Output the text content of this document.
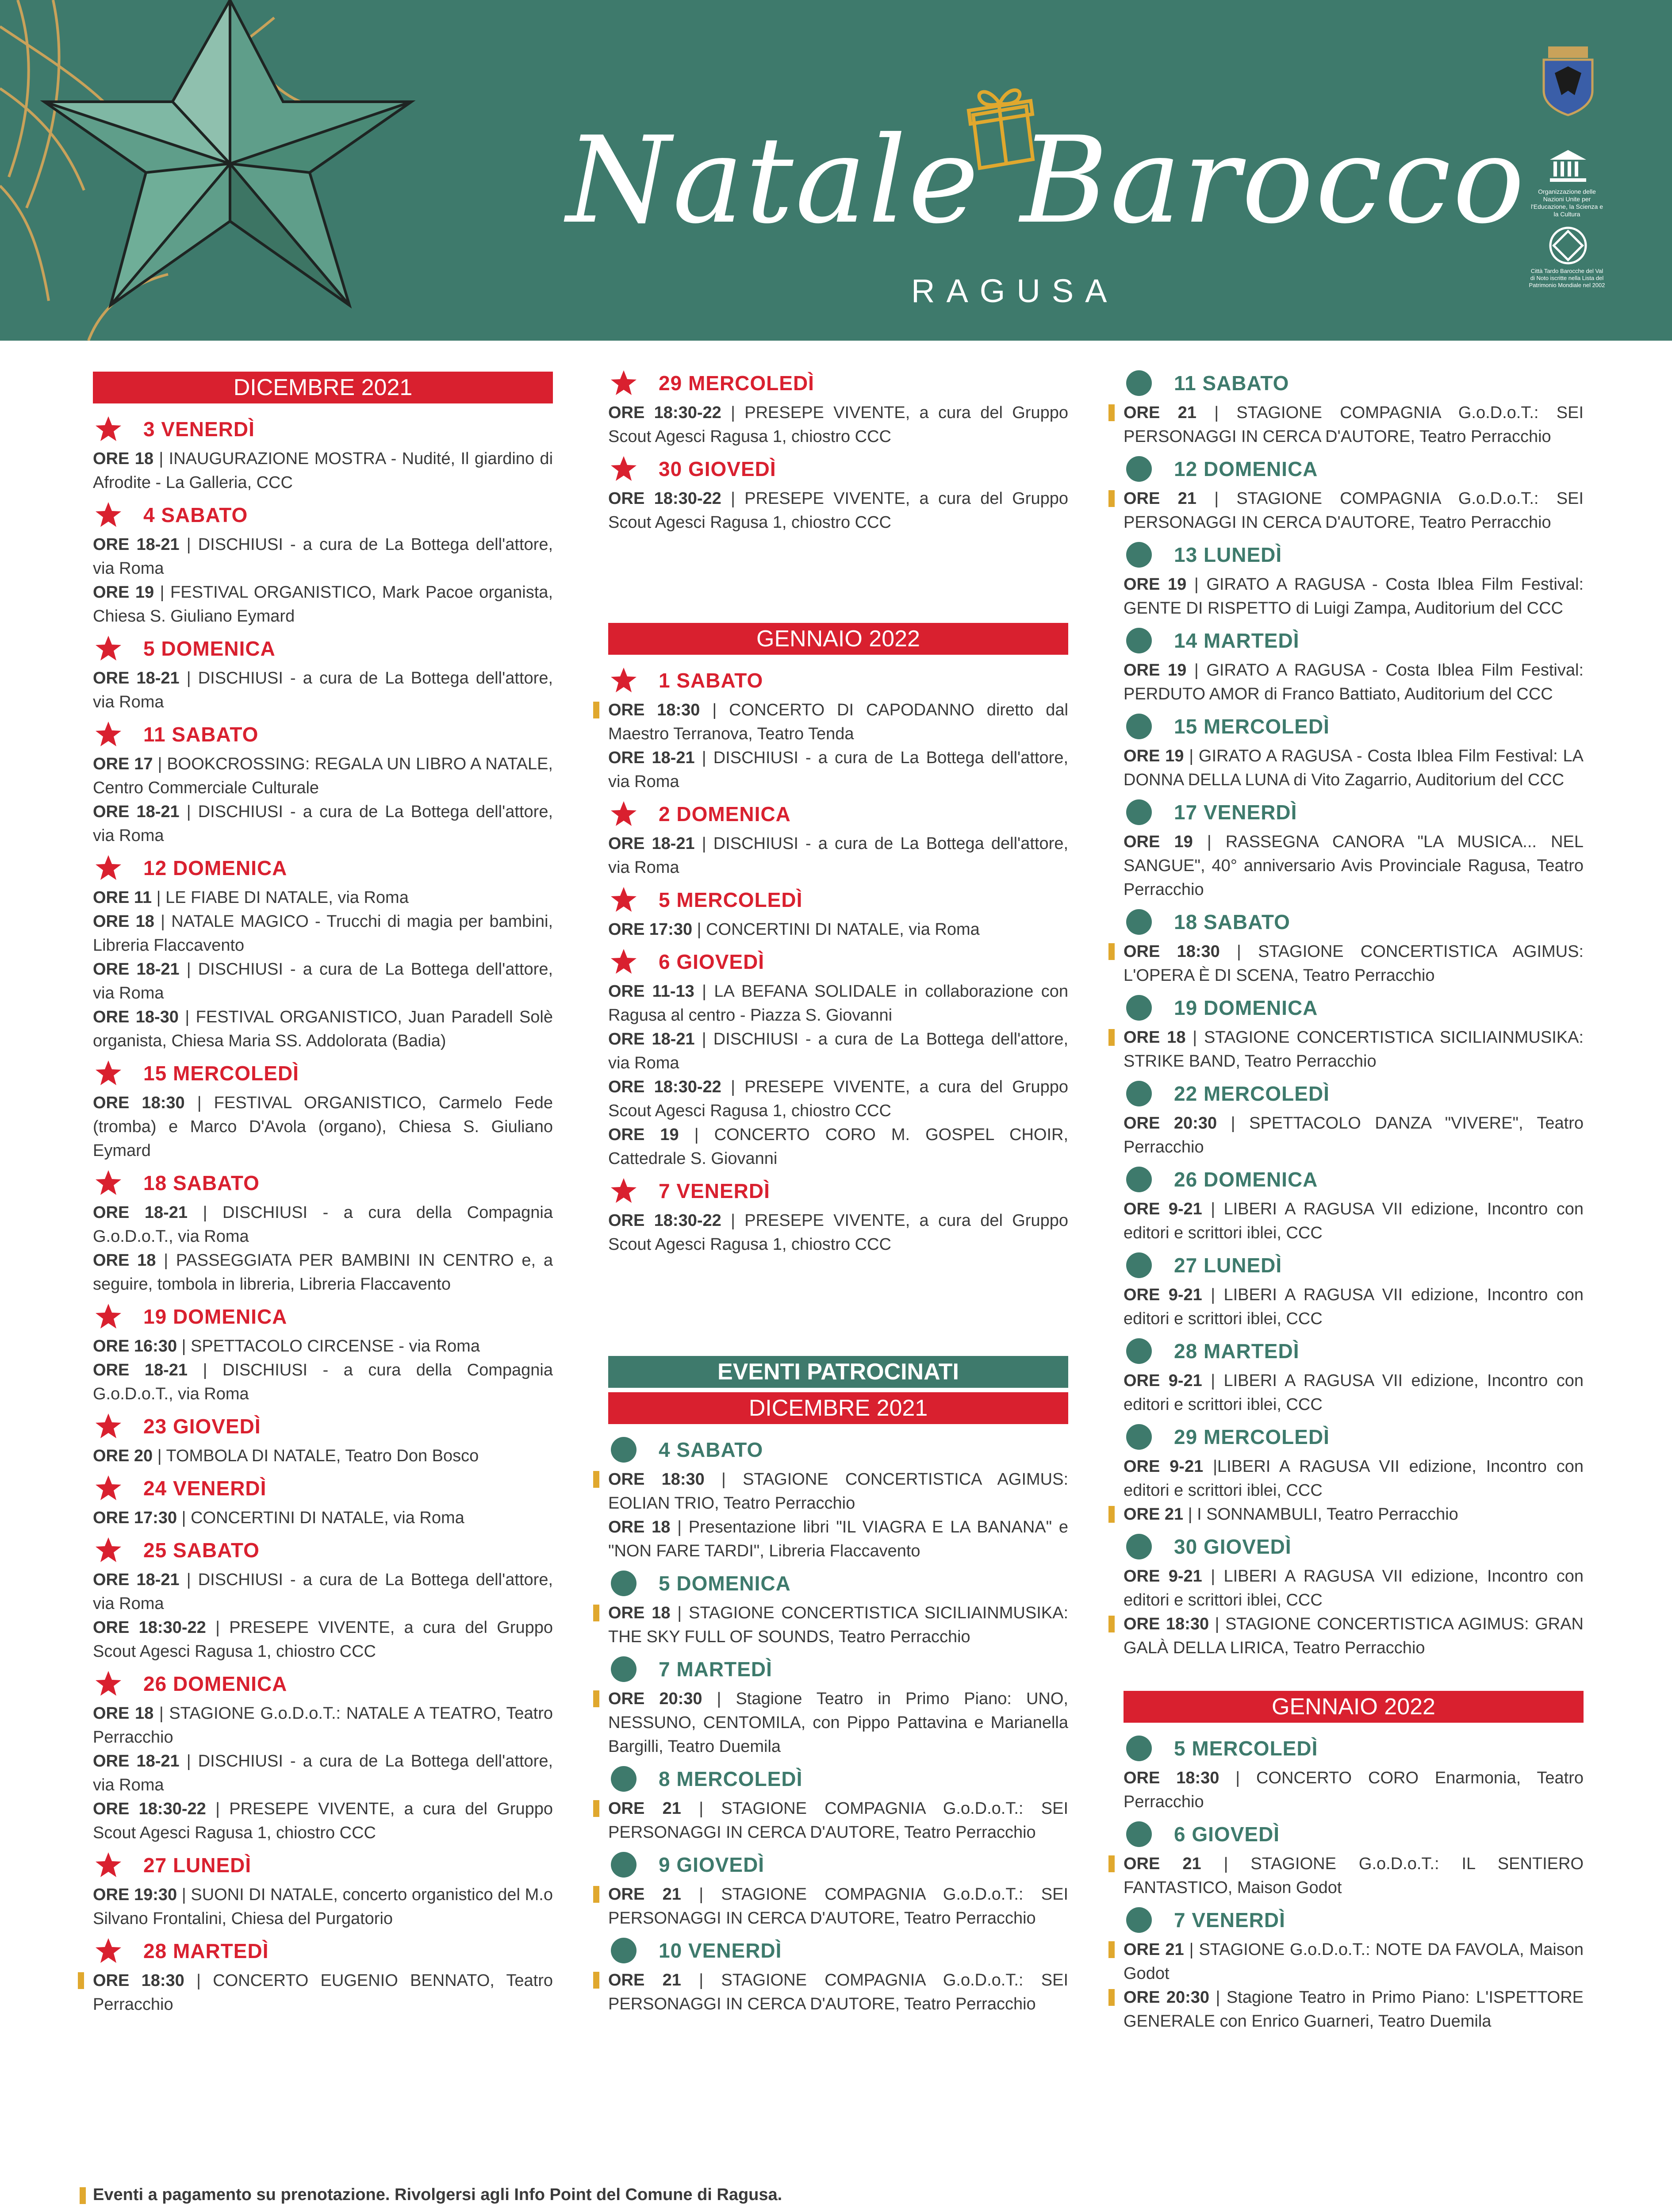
Natale Barocco
RAGUSA
Organizzazione delle Nazioni Unite per l'Educazione, la Scienza e la Cultura
Città Tardo Barocche del Val di Noto iscritte nella Lista del Patrimonio Mondiale nel 2002
DICEMBRE 2021
3 VENERDÌ
ORE 18 | INAUGURAZIONE MOSTRA - Nudité, Il giardino di Afrodite - La Galleria, CCC
4 SABATO
ORE 18-21 | DISCHIUSI - a cura de La Bottega dell'attore, via Roma
ORE 19 | FESTIVAL ORGANISTICO, Mark Pacoe organista, Chiesa S. Giuliano Eymard
5 DOMENICA
ORE 18-21 | DISCHIUSI - a cura de La Bottega dell'attore, via Roma
11 SABATO
ORE 17 | BOOKCROSSING: REGALA UN LIBRO A NATALE, Centro Commerciale Culturale
ORE 18-21 | DISCHIUSI - a cura de La Bottega dell'attore, via Roma
12 DOMENICA
ORE 11 | LE FIABE DI NATALE, via Roma
ORE 18 | NATALE MAGICO - Trucchi di magia per bambini, Libreria Flaccavento
ORE 18-21 | DISCHIUSI - a cura de La Bottega dell'attore, via Roma
ORE 18-30 | FESTIVAL ORGANISTICO, Juan Paradell Solè organista, Chiesa Maria SS. Addolorata (Badia)
15 MERCOLEDÌ
ORE 18:30 | FESTIVAL ORGANISTICO, Carmelo Fede (tromba) e Marco D'Avola (organo), Chiesa S. Giuliano Eymard
18 SABATO
ORE 18-21 | DISCHIUSI - a cura della Compagnia G.o.D.o.T., via Roma
ORE 18 | PASSEGGIATA PER BAMBINI IN CENTRO e, a seguire, tombola in libreria, Libreria Flaccavento
19 DOMENICA
ORE 16:30 | SPETTACOLO CIRCENSE - via Roma
ORE 18-21 | DISCHIUSI - a cura della Compagnia G.o.D.o.T., via Roma
23 GIOVEDÌ
ORE 20 | TOMBOLA DI NATALE, Teatro Don Bosco
24 VENERDÌ
ORE 17:30 | CONCERTINI DI NATALE, via Roma
25 SABATO
ORE 18-21 | DISCHIUSI - a cura de La Bottega dell'attore, via Roma
ORE 18:30-22 | PRESEPE VIVENTE, a cura del Gruppo Scout Agesci Ragusa 1, chiostro CCC
26 DOMENICA
ORE 18 | STAGIONE G.o.D.o.T.: NATALE A TEATRO, Teatro Perracchio
ORE 18-21 | DISCHIUSI - a cura de La Bottega dell'attore, via Roma
ORE 18:30-22 | PRESEPE VIVENTE, a cura del Gruppo Scout Agesci Ragusa 1, chiostro CCC
27 LUNEDÌ
ORE 19:30 | SUONI DI NATALE, concerto organistico del M.o Silvano Frontalini, Chiesa del Purgatorio
28 MARTEDÌ
ORE 18:30 | CONCERTO EUGENIO BENNATO, Teatro Perracchio
29 MERCOLEDÌ
ORE 18:30-22 | PRESEPE VIVENTE, a cura del Gruppo Scout Agesci Ragusa 1, chiostro CCC
30 GIOVEDÌ
ORE 18:30-22 | PRESEPE VIVENTE, a cura del Gruppo Scout Agesci Ragusa 1, chiostro CCC
GENNAIO 2022
1 SABATO
ORE 18:30 | CONCERTO DI CAPODANNO diretto dal Maestro Terranova, Teatro Tenda
ORE 18-21 | DISCHIUSI - a cura de La Bottega dell'attore, via Roma
2 DOMENICA
ORE 18-21 | DISCHIUSI - a cura de La Bottega dell'attore, via Roma
5 MERCOLEDÌ
ORE 17:30 | CONCERTINI DI NATALE, via Roma
6 GIOVEDÌ
ORE 11-13 | LA BEFANA SOLIDALE in collaborazione con Ragusa al centro - Piazza S. Giovanni
ORE 18-21 | DISCHIUSI - a cura de La Bottega dell'attore, via Roma
ORE 18:30-22 | PRESEPE VIVENTE, a cura del Gruppo Scout Agesci Ragusa 1, chiostro CCC
ORE 19 | CONCERTO CORO M. GOSPEL CHOIR, Cattedrale S. Giovanni
7 VENERDÌ
ORE 18:30-22 | PRESEPE VIVENTE, a cura del Gruppo Scout Agesci Ragusa 1, chiostro CCC
EVENTI PATROCINATI
DICEMBRE 2021
4 SABATO
ORE 18:30 | STAGIONE CONCERTISTICA AGIMUS: EOLIAN TRIO, Teatro Perracchio
ORE 18 | Presentazione libri "IL VIAGRA E LA BANANA" e "NON FARE TARDI", Libreria Flaccavento
5 DOMENICA
ORE 18 | STAGIONE CONCERTISTICA SICILIAINMUSIKA: THE SKY FULL OF SOUNDS, Teatro Perracchio
7 MARTEDÌ
ORE 20:30 | Stagione Teatro in Primo Piano: UNO, NESSUNO, CENTOMILA, con Pippo Pattavina e Marianella Bargilli, Teatro Duemila
8 MERCOLEDÌ
ORE 21 | STAGIONE COMPAGNIA G.o.D.o.T.: SEI PERSONAGGI IN CERCA D'AUTORE, Teatro Perracchio
9 GIOVEDÌ
ORE 21 | STAGIONE COMPAGNIA G.o.D.o.T.: SEI PERSONAGGI IN CERCA D'AUTORE, Teatro Perracchio
10 VENERDÌ
ORE 21 | STAGIONE COMPAGNIA G.o.D.o.T.: SEI PERSONAGGI IN CERCA D'AUTORE, Teatro Perracchio
11 SABATO
ORE 21 | STAGIONE COMPAGNIA G.o.D.o.T.: SEI PERSONAGGI IN CERCA D'AUTORE, Teatro Perracchio
12 DOMENICA
ORE 21 | STAGIONE COMPAGNIA G.o.D.o.T.: SEI PERSONAGGI IN CERCA D'AUTORE, Teatro Perracchio
13 LUNEDÌ
ORE 19 | GIRATO A RAGUSA - Costa Iblea Film Festival: GENTE DI RISPETTO di Luigi Zampa, Auditorium del CCC
14 MARTEDÌ
ORE 19 | GIRATO A RAGUSA - Costa Iblea Film Festival: PERDUTO AMOR di Franco Battiato, Auditorium del CCC
15 MERCOLEDÌ
ORE 19 | GIRATO A RAGUSA - Costa Iblea Film Festival: LA DONNA DELLA LUNA di Vito Zagarrio, Auditorium del CCC
17 VENERDÌ
ORE 19 | RASSEGNA CANORA "LA MUSICA... NEL SANGUE", 40° anniversario Avis Provinciale Ragusa, Teatro Perracchio
18 SABATO
ORE 18:30 | STAGIONE CONCERTISTICA AGIMUS: L'OPERA È DI SCENA, Teatro Perracchio
19 DOMENICA
ORE 18 | STAGIONE CONCERTISTICA SICILIAINMUSIKA: STRIKE BAND, Teatro Perracchio
22 MERCOLEDÌ
ORE 20:30 | SPETTACOLO DANZA "VIVERE", Teatro Perracchio
26 DOMENICA
ORE 9-21 | LIBERI A RAGUSA VII edizione, Incontro con editori e scrittori iblei, CCC
27 LUNEDÌ
ORE 9-21 | LIBERI A RAGUSA VII edizione, Incontro con editori e scrittori iblei, CCC
28 MARTEDÌ
ORE 9-21 | LIBERI A RAGUSA VII edizione, Incontro con editori e scrittori iblei, CCC
29 MERCOLEDÌ
ORE 9-21 |LIBERI A RAGUSA VII edizione, Incontro con editori e scrittori iblei, CCC
ORE 21 | I SONNAMBULI, Teatro Perracchio
30 GIOVEDÌ
ORE 9-21 | LIBERI A RAGUSA VII edizione, Incontro con editori e scrittori iblei, CCC
ORE 18:30 | STAGIONE CONCERTISTICA AGIMUS: GRAN GALÀ DELLA LIRICA, Teatro Perracchio
GENNAIO 2022
5 MERCOLEDÌ
ORE 18:30 | CONCERTO CORO Enarmonia, Teatro Perracchio
6 GIOVEDÌ
ORE 21 | STAGIONE G.o.D.o.T.: IL SENTIERO FANTASTICO, Maison Godot
7 VENERDÌ
ORE 21 | STAGIONE G.o.D.o.T.: NOTE DA FAVOLA, Maison Godot
ORE 20:30 | Stagione Teatro in Primo Piano: L'ISPETTORE GENERALE con Enrico Guarneri, Teatro Duemila
Eventi a pagamento su prenotazione. Rivolgersi agli Info Point del Comune di Ragusa.
